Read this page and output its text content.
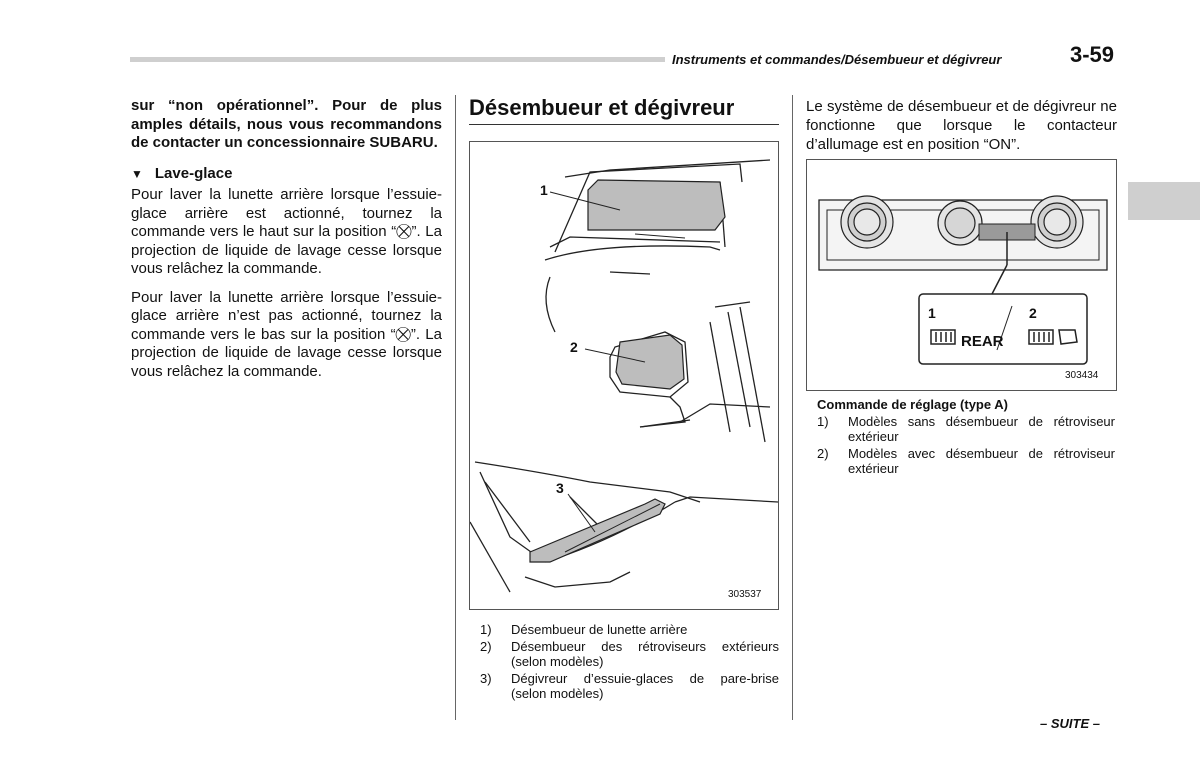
Instruments et commandes/Désembueur et dégivreur	3-59

sur “non opérationnel”. Pour de plus amples détails, nous vous recommandons de contacter un concessionnaire SUBARU.

▼ Lave-glace

Pour laver la lunette arrière lorsque l’essuie-glace arrière est actionné, tournez la commande vers le haut sur la position “⛒”. La projection de liquide de lavage cesse lorsque vous relâchez la commande.

Pour laver la lunette arrière lorsque l’essuie-glace arrière n’est pas actionné, tournez la commande vers le bas sur la position “⛒”. La projection de liquide de lavage cesse lorsque vous relâchez la commande.

Désembueur et dégivreur
1
2
3
303537
1)	Désembueur de lunette arrière
2)	Désembueur des rétroviseurs extérieurs (selon modèles)
3)	Dégivreur d’essuie-glaces de pare-brise (selon modèles)
Le système de désembueur et de dégivreur ne fonctionne que lorsque le contacteur d’allumage est en position “ON”.
REAR
1	2
303434
Commande de réglage (type A)
1)	Modèles sans désembueur de rétroviseur extérieur
2)	Modèles avec désembueur de rétroviseur extérieur
– SUITE –
